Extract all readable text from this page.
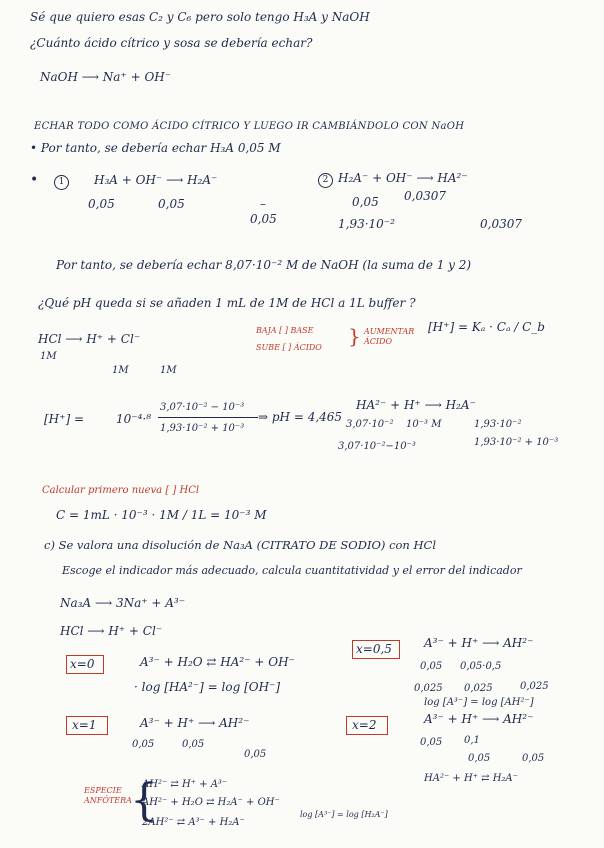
Sé que quiero esas C₂ y C₆ pero solo tengo H₃A y NaOH
¿Cuánto ácido cítrico y sosa se debería echar?
NaOH ⟶ Na⁺ + OH⁻
ECHAR TODO COMO ÁCIDO CÍTRICO Y LUEGO IR CAMBIÁNDOLO CON NaOH
• Por tanto, se debería echar H₃A 0,05 M
•	1	H₃A + OH⁻ ⟶ H₂A⁻
0,05	0,05	–
0,05
2 H₂A⁻ + OH⁻ ⟶ HA²⁻
0,05 0,0307
1,93·10⁻²	0,0307
Por tanto, se debería echar 8,07·10⁻² M de NaOH (la suma de 1 y 2)
¿Qué pH queda si se añaden 1 mL de 1M de HCl a 1L buffer ?
HCl ⟶ H⁺ + Cl⁻
1M
1M	1M
BAJA [ ] BASE
SUBE [ ] ÁCIDO } AUMENTAR ÁCIDO
[H⁺] = Kₐ · Cₐ / C_b
[H⁺] =	10⁻⁴·⁸
3,07·10⁻² − 10⁻³
1,93·10⁻² + 10⁻³
⇒ pH = 4,465
HA²⁻ + H⁺ ⟶ H₂A⁻
3,07·10⁻² 10⁻³ M	1,93·10⁻²
3,07·10⁻²−10⁻³	1,93·10⁻² + 10⁻³
Calcular primero nueva [ ] HCl
C = 1mL · 10⁻³ · 1M / 1L = 10⁻³ M
c) Se valora una disolución de Na₃A (CITRATO DE SODIO) con HCl
Escoge el indicador más adecuado, calcula cuantitatividad y el error del indicador
Na₃A ⟶ 3Na⁺ + A³⁻
HCl ⟶ H⁺ + Cl⁻
x=0	A³⁻ + H₂O ⇄ HA²⁻ + OH⁻
· log [HA²⁻] = log [OH⁻]
x=0,5	A³⁻ + H⁺ ⟶ AH²⁻
0,05 0,05·0,5
0,025 0,025	0,025
log [A³⁻] = log [AH²⁻]
x=1	A³⁻ + H⁺ ⟶ AH²⁻
0,05	0,05
0,05
x=2	A³⁻ + H⁺ ⟶ AH²⁻
0,05 0,1
0,05	0,05
HA²⁻ + H⁺ ⇄ H₂A⁻
ESPECIE ANFÓTERA
{
AH²⁻ ⇄ H⁺ + A³⁻
AH²⁻ + H₂O ⇄ H₂A⁻ + OH⁻
2AH²⁻ ⇄ A³⁻ + H₂A⁻
log [A³⁻] = log [H₂A⁻]
